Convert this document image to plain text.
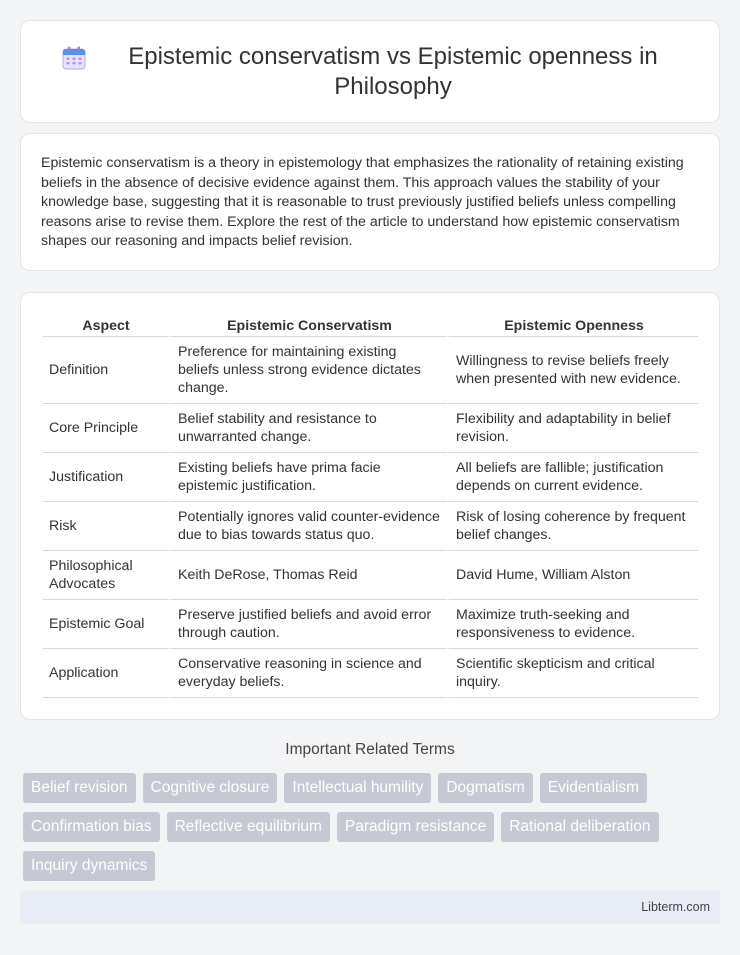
Epistemic conservatism vs Epistemic openness in Philosophy

Epistemic conservatism is a theory in epistemology that emphasizes the rationality of retaining existing beliefs in the absence of decisive evidence against them. This approach values the stability of your knowledge base, suggesting that it is reasonable to trust previously justified beliefs unless compelling reasons arise to revise them. Explore the rest of the article to understand how epistemic conservatism shapes our reasoning and impacts belief revision.

Aspect	Epistemic Conservatism	Epistemic Openness
Definition	Preference for maintaining existing beliefs unless strong evidence dictates change.	Willingness to revise beliefs freely when presented with new evidence.
Core Principle	Belief stability and resistance to unwarranted change.	Flexibility and adaptability in belief revision.
Justification	Existing beliefs have prima facie epistemic justification.	All beliefs are fallible; justification depends on current evidence.
Risk	Potentially ignores valid counter-evidence due to bias towards status quo.	Risk of losing coherence by frequent belief changes.
Philosophical Advocates	Keith DeRose, Thomas Reid	David Hume, William Alston
Epistemic Goal	Preserve justified beliefs and avoid error through caution.	Maximize truth-seeking and responsiveness to evidence.
Application	Conservative reasoning in science and everyday beliefs.	Scientific skepticism and critical inquiry.
Important Related Terms
Belief revision	Cognitive closure	Intellectual humility	Dogmatism	Evidentialism
Confirmation bias	Reflective equilibrium	Paradigm resistance	Rational deliberation
Inquiry dynamics
Libterm.com
